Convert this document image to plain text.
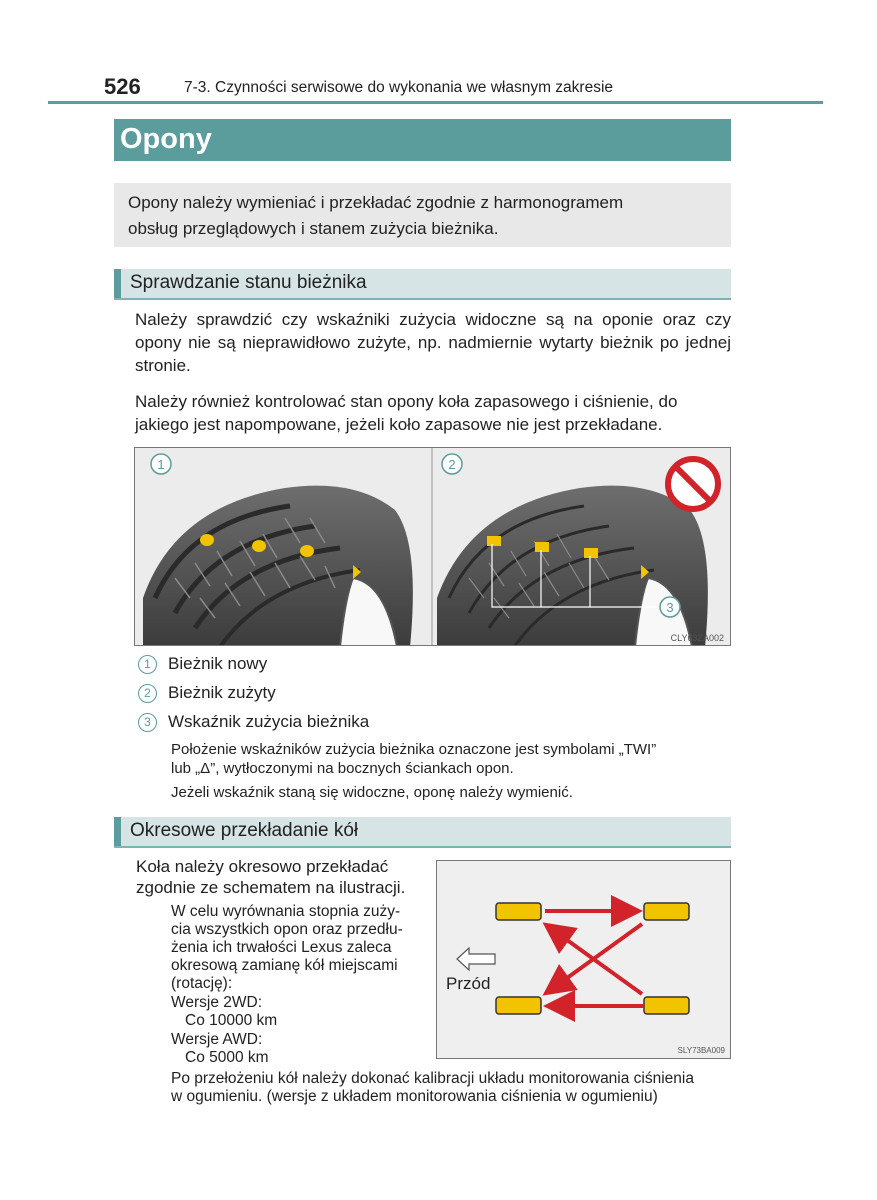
526	7-3. Czynności serwisowe do wykonania we własnym zakresie
Opony

Opony należy wymieniać i przekładać zgodnie z harmonogramem

obsług przeglądowych i stanem zużycia bieżnika.

Sprawdzanie stanu bieżnika

Należy sprawdzić czy wskaźniki zużycia widoczne są na oponie oraz czy opony nie są nieprawidłowo zużyte, np. nadmiernie wytarty bieżnik po jednej stronie.

Należy również kontrolować stan opony koła zapasowego i ciśnienie, do jakiego jest napompowane, jeżeli koło zapasowe nie jest przekładane.

1	2
3
CLY63ZA002
1	Bieżnik nowy
2	Bieżnik zużyty
3	Wskaźnik zużycia bieżnika
Położenie wskaźników zużycia bieżnika oznaczone jest symbolami „TWI”
lub „Δ”, wytłoczonymi na bocznych ściankach opon.
Jeżeli wskaźnik staną się widoczne, oponę należy wymienić.
Okresowe przekładanie kół
Koła należy okresowo przekładać
zgodnie ze schematem na ilustracji.
W celu wyrównania stopnia zuży-
cia wszystkich opon oraz przedłu-
żenia ich trwałości Lexus zaleca
okresową zamianę kół miejscami
(rotację):
Wersje 2WD:
Co 10000 km
Wersje AWD:
Co 5000 km
Przód
SLY73BA009
Po przełożeniu kół należy dokonać kalibracji układu monitorowania ciśnienia
w ogumieniu. (wersje z układem monitorowania ciśnienia w ogumieniu)
